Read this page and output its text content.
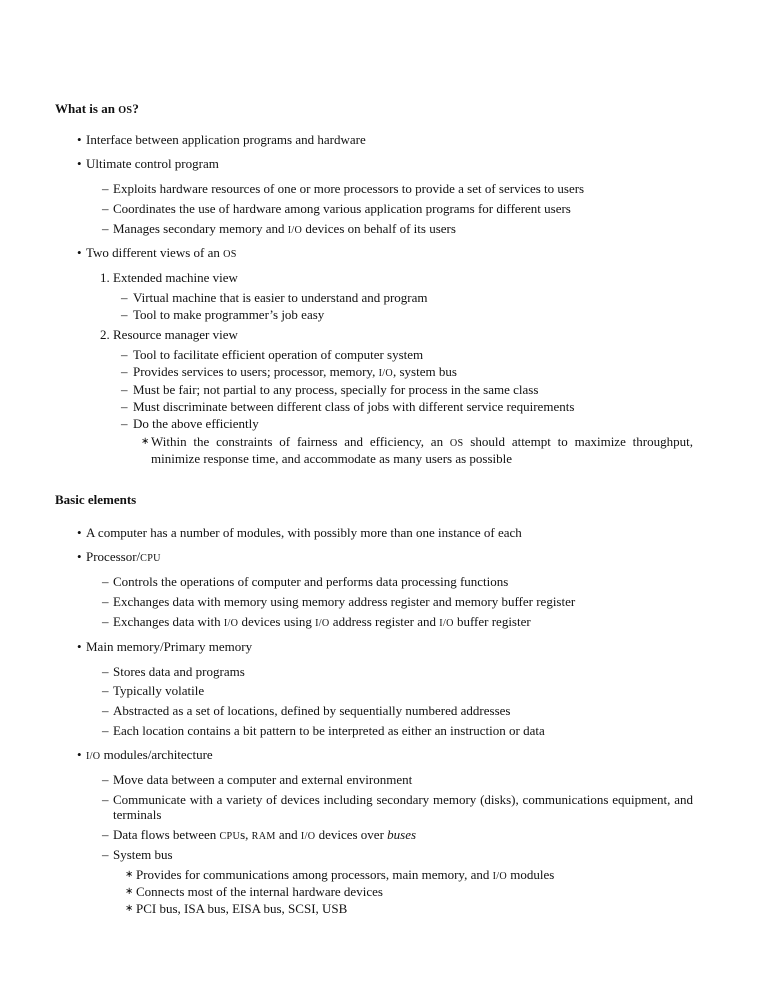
What is an OS?
• Interface between application programs and hardware
• Ultimate control program
– Exploits hardware resources of one or more processors to provide a set of services to users
– Coordinates the use of hardware among various application programs for different users
– Manages secondary memory and I/O devices on behalf of its users
• Two different views of an OS
1. Extended machine view
– Virtual machine that is easier to understand and program
– Tool to make programmer’s job easy
2. Resource manager view
– Tool to facilitate efficient operation of computer system
– Provides services to users; processor, memory, I/O, system bus
– Must be fair; not partial to any process, specially for process in the same class
– Must discriminate between different class of jobs with different service requirements
– Do the above efficiently
∗ Within the constraints of fairness and efficiency, an OS should attempt to maximize throughput, minimize response time, and accommodate as many users as possible
Basic elements
• A computer has a number of modules, with possibly more than one instance of each
• Processor/CPU
– Controls the operations of computer and performs data processing functions
– Exchanges data with memory using memory address register and memory buffer register
– Exchanges data with I/O devices using I/O address register and I/O buffer register
• Main memory/Primary memory
– Stores data and programs
– Typically volatile
– Abstracted as a set of locations, defined by sequentially numbered addresses
– Each location contains a bit pattern to be interpreted as either an instruction or data
• I/O modules/architecture
– Move data between a computer and external environment
– Communicate with a variety of devices including secondary memory (disks), communications equipment, and terminals
– Data flows between CPUs, RAM and I/O devices over buses
– System bus
∗ Provides for communications among processors, main memory, and I/O modules
∗ Connects most of the internal hardware devices
∗ PCI bus, ISA bus, EISA bus, SCSI, USB
